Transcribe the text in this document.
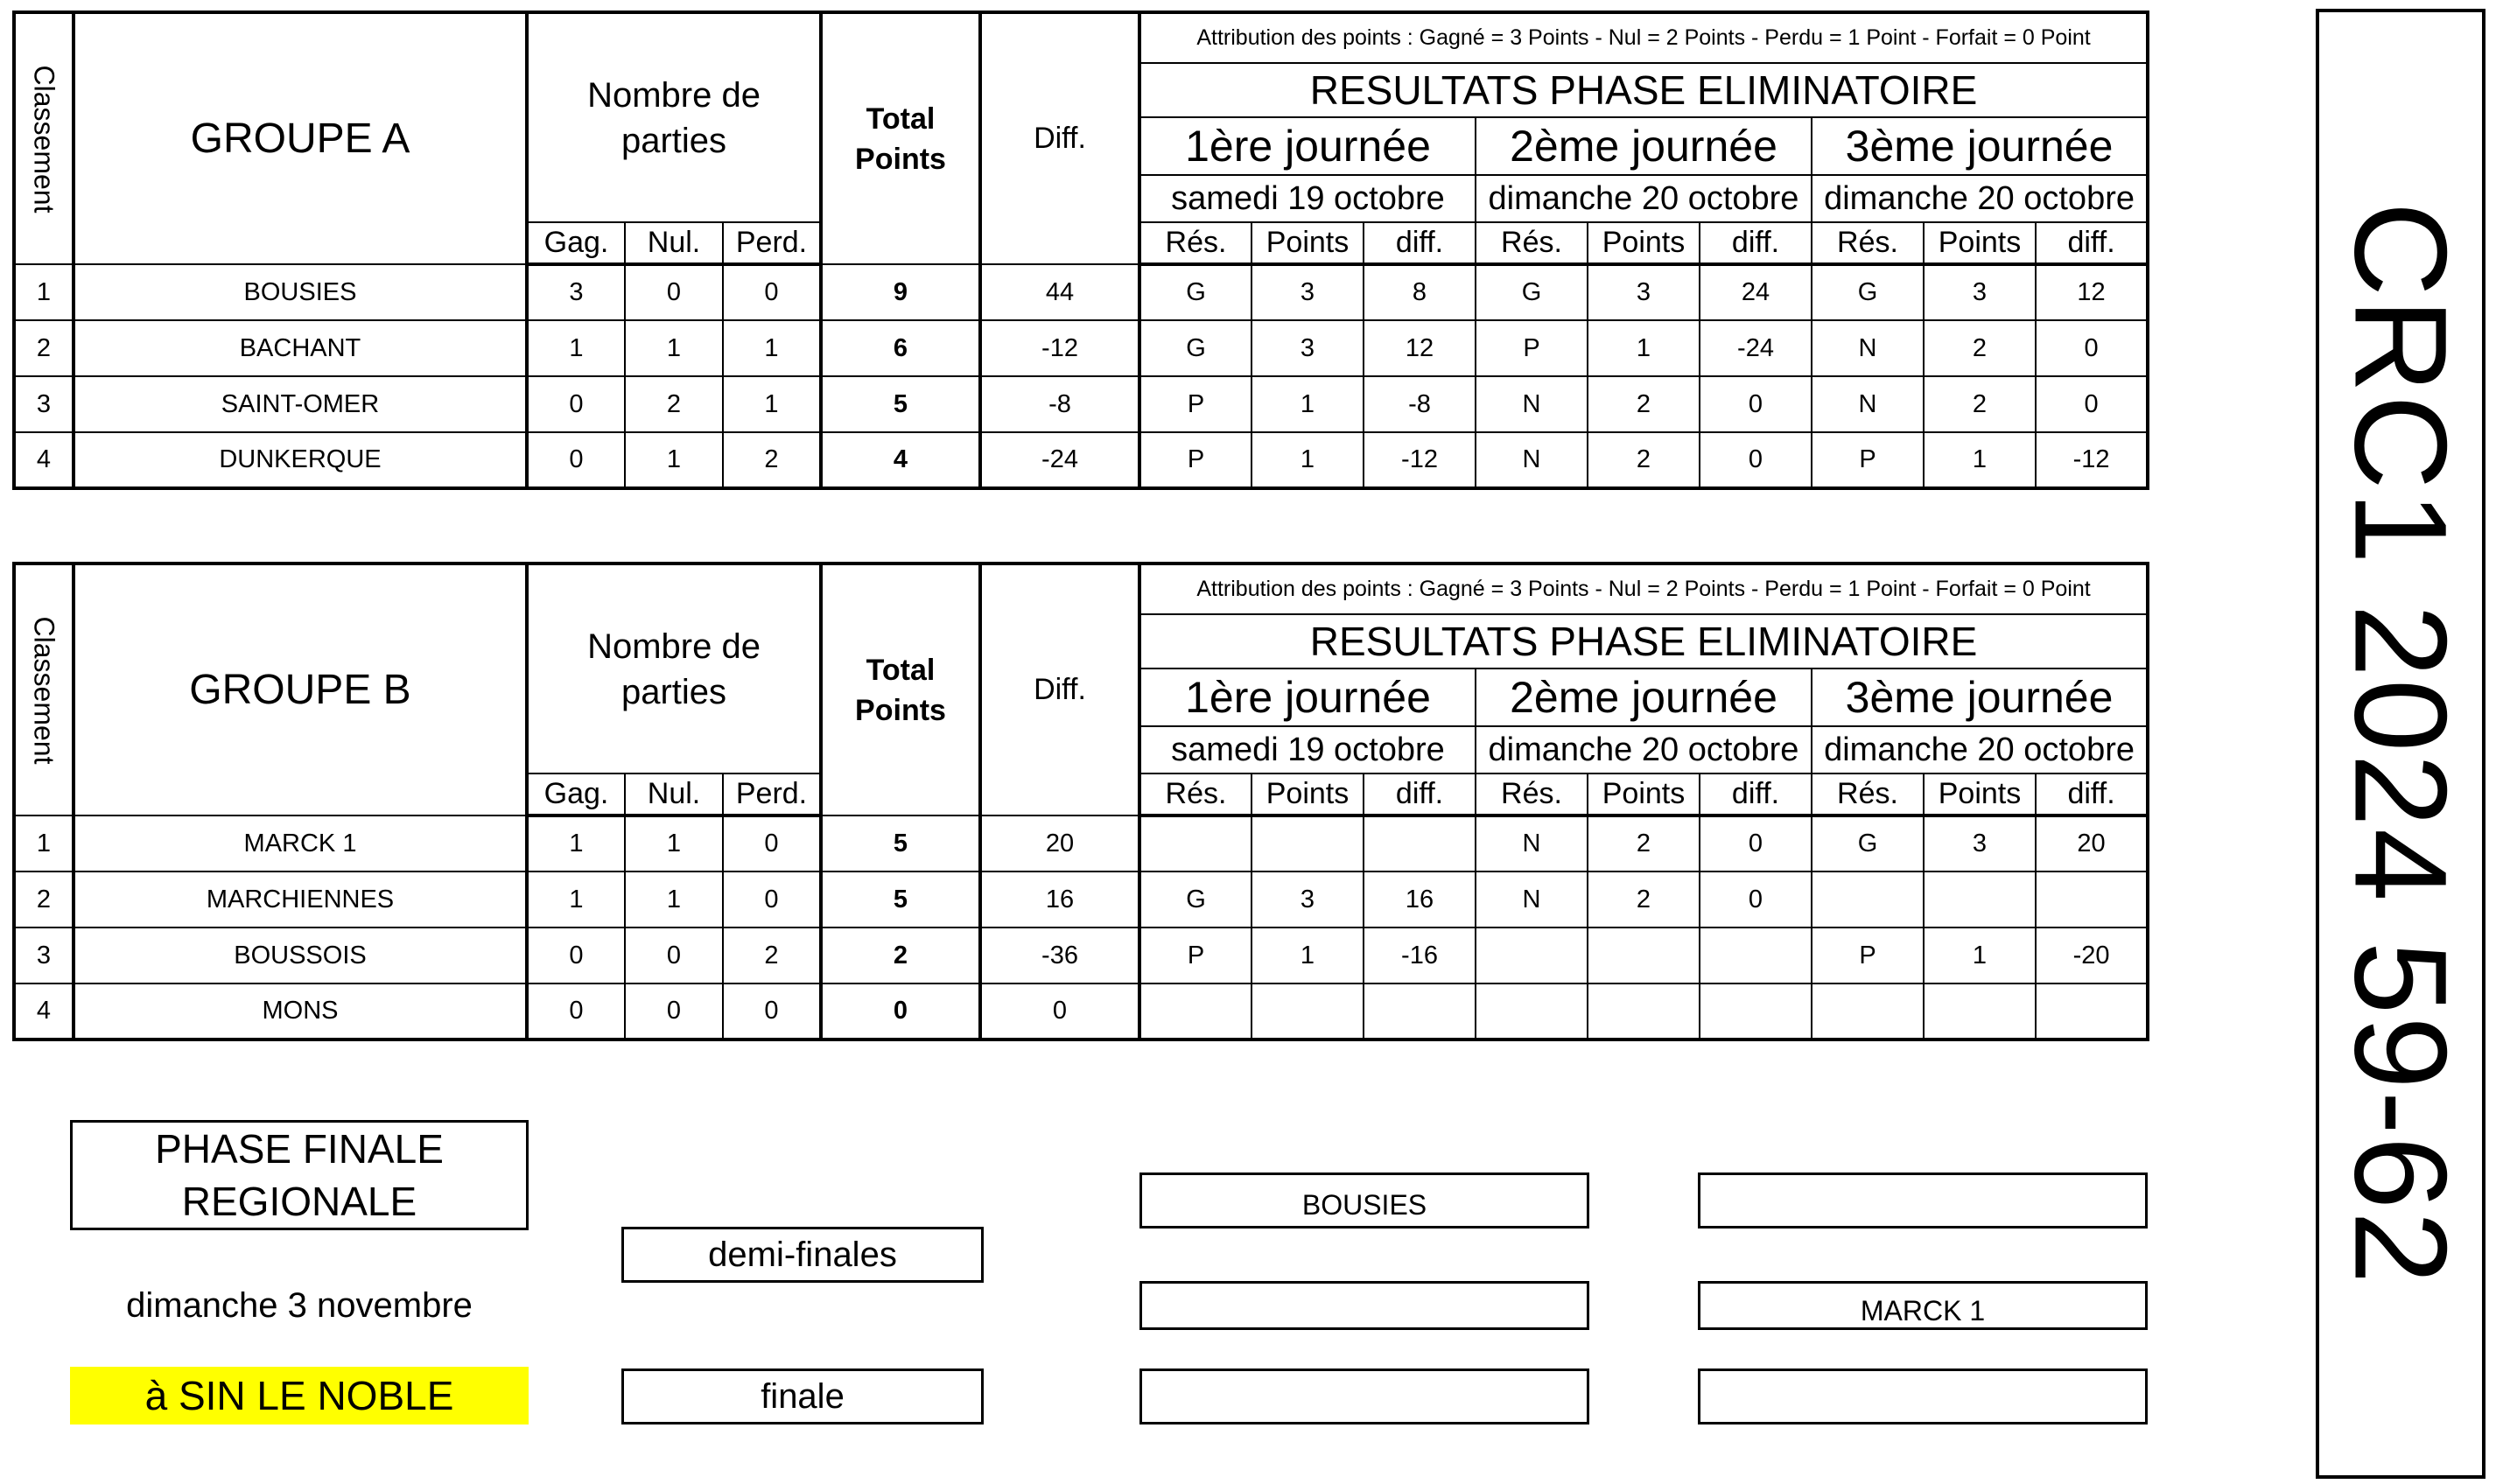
Classement	GROUPE A	Nombre de parties			Total Points	Diff.	Attribution des points : Gagné = 3 Points - Nul = 2 Points - Perdu = 1 Point - Forfait = 0 Point								
							RESULTATS PHASE ELIMINATOIRE								
							1ère journée			2ème journée			3ème journée		
							samedi 19 octobre			dimanche 20 octobre			dimanche 20 octobre		
		Gag.	Nul.	Perd.			Rés.	Points	diff.	Rés.	Points	diff.	Rés.	Points	diff.
1	BOUSIES	3	0	0	9	44	G	3	8	G	3	24	G	3	12
2	BACHANT	1	1	1	6	-12	G	3	12	P	1	-24	N	2	0
3	SAINT-OMER	0	2	1	5	-8	P	1	-8	N	2	0	N	2	0
4	DUNKERQUE	0	1	2	4	-24	P	1	-12	N	2	0	P	1	-12
Classement	GROUPE B	Nombre de parties			Total Points	Diff.	Attribution des points : Gagné = 3 Points - Nul = 2 Points - Perdu = 1 Point - Forfait = 0 Point								
							RESULTATS PHASE ELIMINATOIRE								
							1ère journée			2ème journée			3ème journée		
							samedi 19 octobre			dimanche 20 octobre			dimanche 20 octobre		
		Gag.	Nul.	Perd.			Rés.	Points	diff.	Rés.	Points	diff.	Rés.	Points	diff.
1	MARCK 1	1	1	0	5	20				N	2	0	G	3	20
2	MARCHIENNES	1	1	0	5	16	G	3	16	N	2	0			
3	BOUSSOIS	0	0	2	2	-36	P	1	-16				P	1	-20
4	MONS	0	0	0	0	0									
PHASE FINALE
REGIONALE
dimanche 3 novembre
à SIN LE NOBLE
demi-finales
finale
BOUSIES
MARCK 1
CRC1 2024 59-62
